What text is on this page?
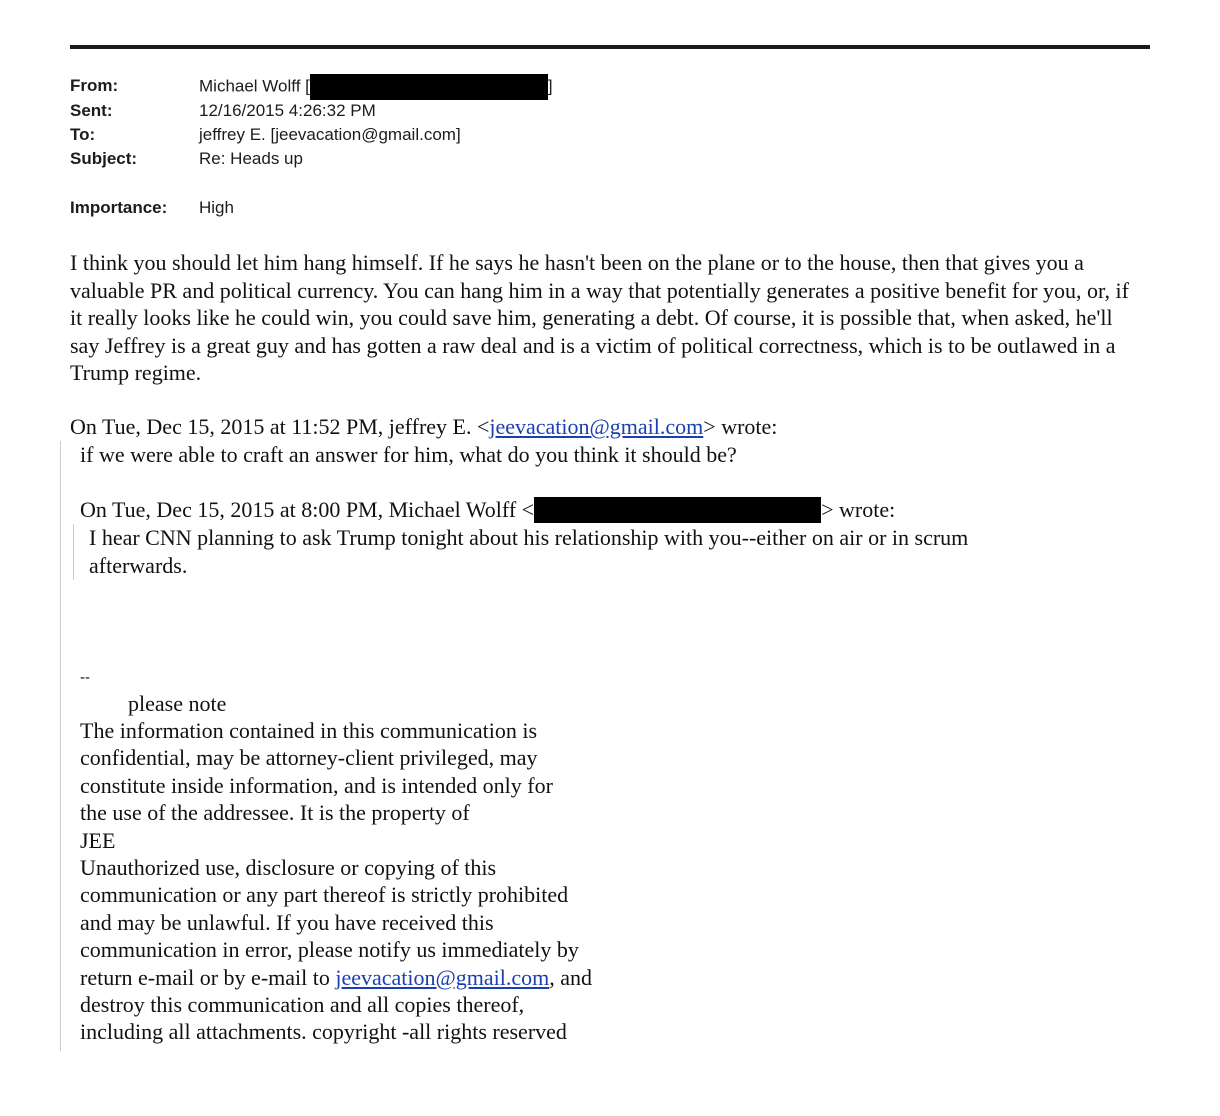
From:	Michael Wolff [	]
Sent:	12/16/2015 4:26:32 PM
To:	jeffrey E. [jeevacation@gmail.com]
Subject:	Re: Heads up
Importance: High

I think you should let him hang himself. If he says he hasn't been on the plane or to the house, then that gives you a valuable PR and political currency. You can hang him in a way that potentially generates a positive benefit for you, or, if it really looks like he could win, you could save him, generating a debt. Of course, it is possible that, when asked, he'll say Jeffrey is a great guy and has gotten a raw deal and is a victim of political correctness, which is to be outlawed in a Trump regime.

On Tue, Dec 15, 2015 at 11:52 PM, jeffrey E. <jeevacation@gmail.com> wrote:
if we were able to craft an answer for him, what do you think it should be?
On Tue, Dec 15, 2015 at 8:00 PM, Michael Wolff <	> wrote:
I hear CNN planning to ask Trump tonight about his relationship with you--either on air or in scrum
afterwards.
--
please note
The information contained in this communication is
confidential, may be attorney-client privileged, may
constitute inside information, and is intended only for
the use of the addressee. It is the property of
JEE
Unauthorized use, disclosure or copying of this
communication or any part thereof is strictly prohibited
and may be unlawful. If you have received this
communication in error, please notify us immediately by
return e-mail or by e-mail to jeevacation@gmail.com, and
destroy this communication and all copies thereof,
including all attachments. copyright -all rights reserved
